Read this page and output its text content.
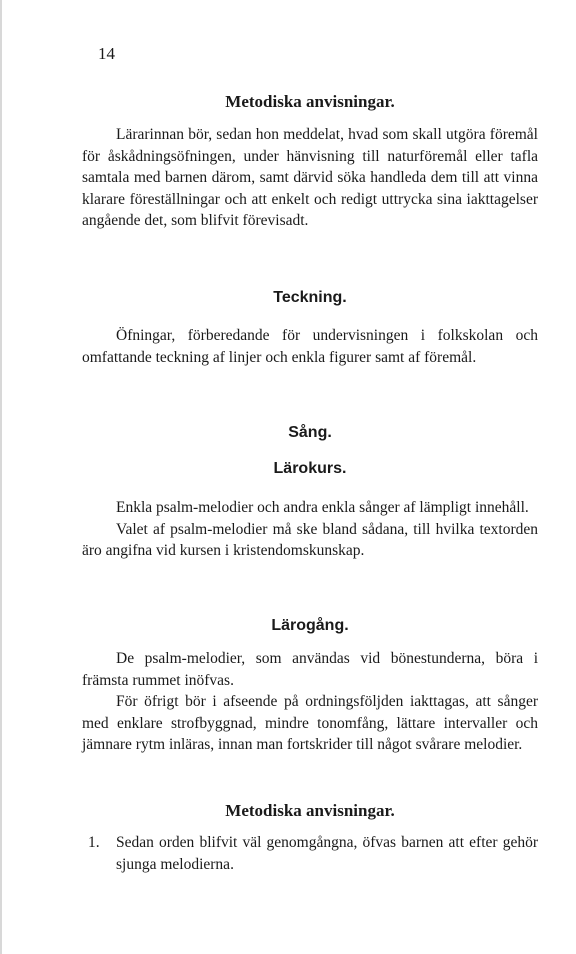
14
Metodiska anvisningar.

Lärarinnan bör, sedan hon meddelat, hvad som skall utgöra föremål för åskådningsöfningen, under hänvisning till naturföremål eller tafla samtala med barnen därom, samt därvid söka handleda dem till att vinna klarare föreställningar och att enkelt och redigt uttrycka sina iakttagelser angående det, som blifvit förevisadt.

Teckning.

Öfningar, förberedande för undervisningen i folkskolan och omfattande teckning af linjer och enkla figurer samt af föremål.

Sång.
Lärokurs.

Enkla psalm-melodier och andra enkla sånger af lämpligt innehåll.

Valet af psalm-melodier må ske bland sådana, till hvilka textorden äro angifna vid kursen i kristendomskunskap.

Lärogång.

De psalm-melodier, som användas vid bönestunderna, böra i främsta rummet inöfvas.

För öfrigt bör i afseende på ordningsföljden iakttagas, att sånger med enklare strofbyggnad, mindre tonomfång, lättare intervaller och jämnare rytm inläras, innan man fortskrider till något svårare melodier.

Metodiska anvisningar.
1. Sedan orden blifvit väl genomgångna, öfvas barnen att efter gehör sjunga melodierna.
